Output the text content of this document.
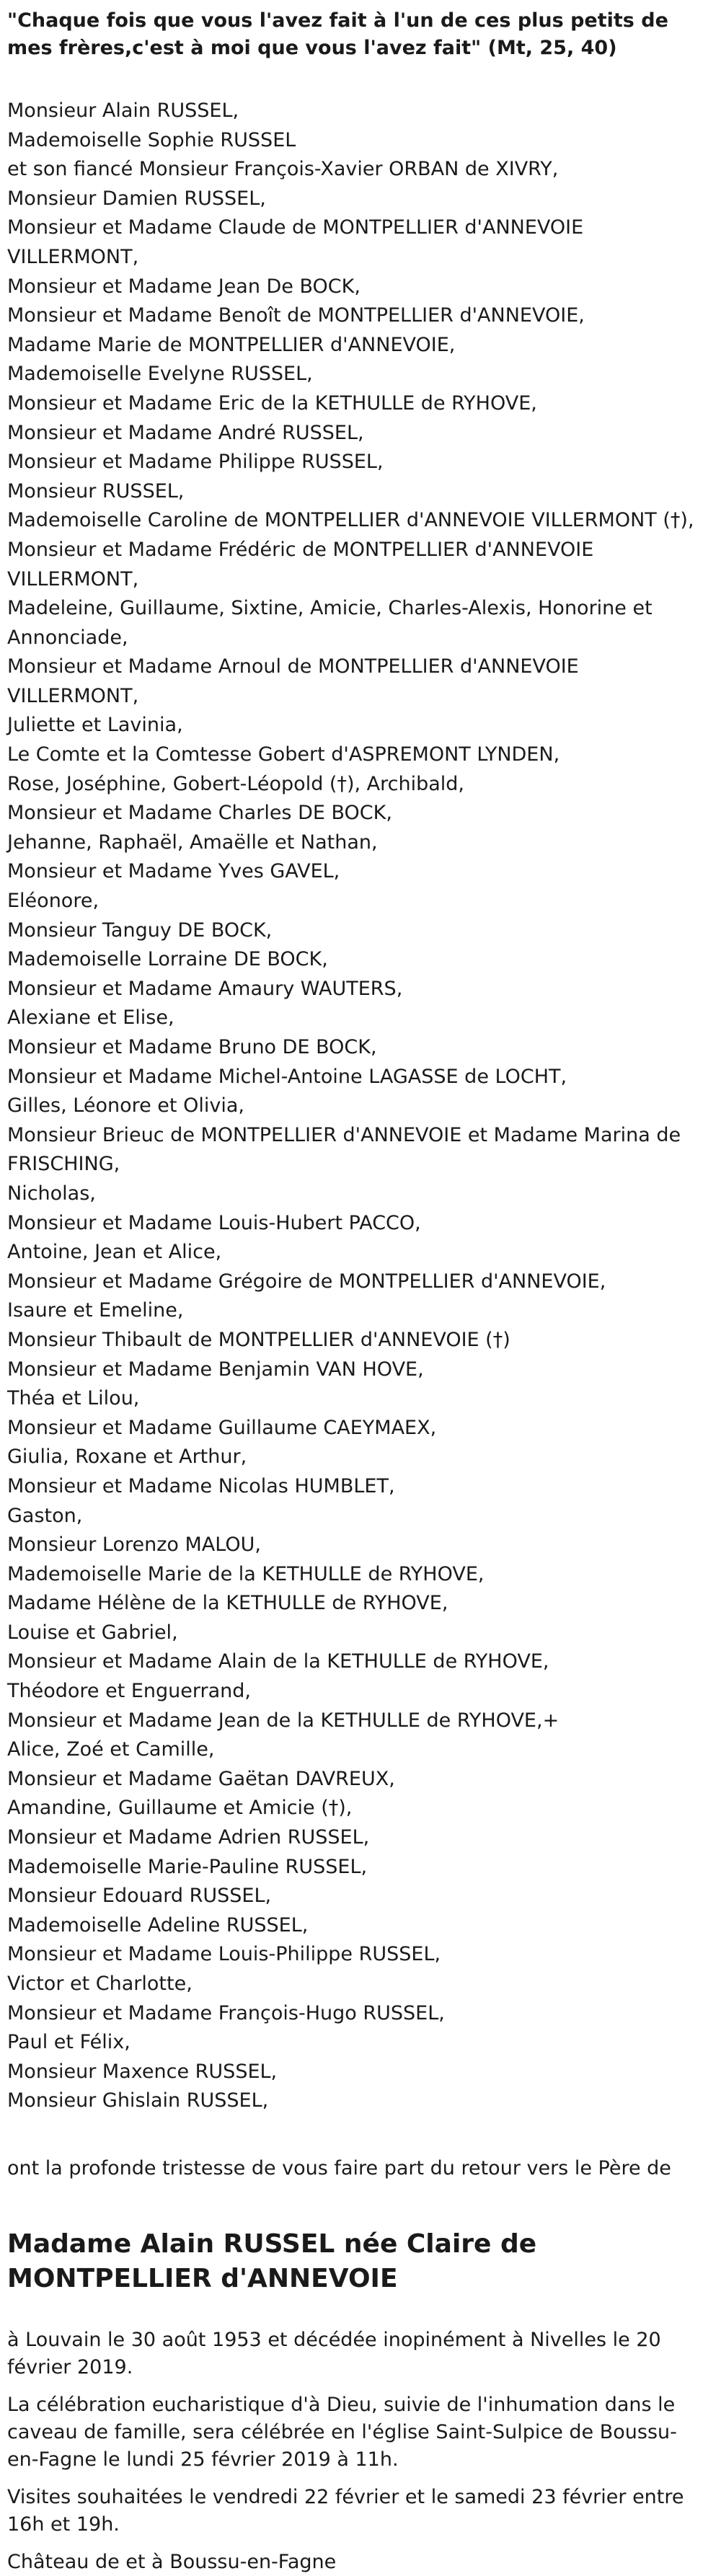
"Chaque fois que vous l'avez fait à l'un de ces plus petits de mes frères,c'est à moi que vous l'avez fait" (Mt, 25, 40)

Monsieur Alain RUSSEL,
Mademoiselle Sophie RUSSEL
et son fiancé Monsieur François-Xavier ORBAN de XIVRY,
Monsieur Damien RUSSEL,
Monsieur et Madame Claude de MONTPELLIER d'ANNEVOIE VILLERMONT,
Monsieur et Madame Jean De BOCK,
Monsieur et Madame Benoît de MONTPELLIER d'ANNEVOIE,
Madame Marie de MONTPELLIER d'ANNEVOIE,
Mademoiselle Evelyne RUSSEL,
Monsieur et Madame Eric de la KETHULLE de RYHOVE,
Monsieur et Madame André RUSSEL,
Monsieur et Madame Philippe RUSSEL,
Monsieur RUSSEL,
Mademoiselle Caroline de MONTPELLIER d'ANNEVOIE VILLERMONT (†),
Monsieur et Madame Frédéric de MONTPELLIER d'ANNEVOIE
VILLERMONT,
Madeleine, Guillaume, Sixtine, Amicie, Charles-Alexis, Honorine et
Annonciade,
Monsieur et Madame Arnoul de MONTPELLIER d'ANNEVOIE VILLERMONT,
Juliette et Lavinia,
Le Comte et la Comtesse Gobert d'ASPREMONT LYNDEN,
Rose, Joséphine, Gobert-Léopold (†), Archibald,
Monsieur et Madame Charles DE BOCK,
Jehanne, Raphaël, Amaëlle et Nathan,
Monsieur et Madame Yves GAVEL,
Eléonore,
Monsieur Tanguy DE BOCK,
Mademoiselle Lorraine DE BOCK,
Monsieur et Madame Amaury WAUTERS,
Alexiane et Elise,
Monsieur et Madame Bruno DE BOCK,
Monsieur et Madame Michel-Antoine LAGASSE de LOCHT,
Gilles, Léonore et Olivia,
Monsieur Brieuc de MONTPELLIER d'ANNEVOIE et Madame Marina de
FRISCHING,
Nicholas,
Monsieur et Madame Louis-Hubert PACCO,
Antoine, Jean et Alice,
Monsieur et Madame Grégoire de MONTPELLIER d'ANNEVOIE,
Isaure et Emeline,
Monsieur Thibault de MONTPELLIER d'ANNEVOIE (†)
Monsieur et Madame Benjamin VAN HOVE,
Théa et Lilou,
Monsieur et Madame Guillaume CAEYMAEX,
Giulia, Roxane et Arthur,
Monsieur et Madame Nicolas HUMBLET,
Gaston,
Monsieur Lorenzo MALOU,
Mademoiselle Marie de la KETHULLE de RYHOVE,
Madame Hélène de la KETHULLE de RYHOVE,
Louise et Gabriel,
Monsieur et Madame Alain de la KETHULLE de RYHOVE,
Théodore et Enguerrand,
Monsieur et Madame Jean de la KETHULLE de RYHOVE,+
Alice, Zoé et Camille,
Monsieur et Madame Gaëtan DAVREUX,
Amandine, Guillaume et Amicie (†),
Monsieur et Madame Adrien RUSSEL,
Mademoiselle Marie-Pauline RUSSEL,
Monsieur Edouard RUSSEL,
Mademoiselle Adeline RUSSEL,
Monsieur et Madame Louis-Philippe RUSSEL,
Victor et Charlotte,
Monsieur et Madame François-Hugo RUSSEL,
Paul et Félix,
Monsieur Maxence RUSSEL,
Monsieur Ghislain RUSSEL,

ont la profonde tristesse de vous faire part du retour vers le Père de

Madame Alain RUSSEL née Claire de MONTPELLIER d'ANNEVOIE

à Louvain le 30 août 1953 et décédée inopinément à Nivelles le 20 février 2019.

La célébration eucharistique d'à Dieu, suivie de l'inhumation dans le caveau de famille, sera célébrée en l'église Saint-Sulpice de Boussu-en-Fagne le lundi 25 février 2019 à 11h.

Visites souhaitées le vendredi 22 février et le samedi 23 février entre 16h et 19h.

Château de et à Boussu-en-Fagne
